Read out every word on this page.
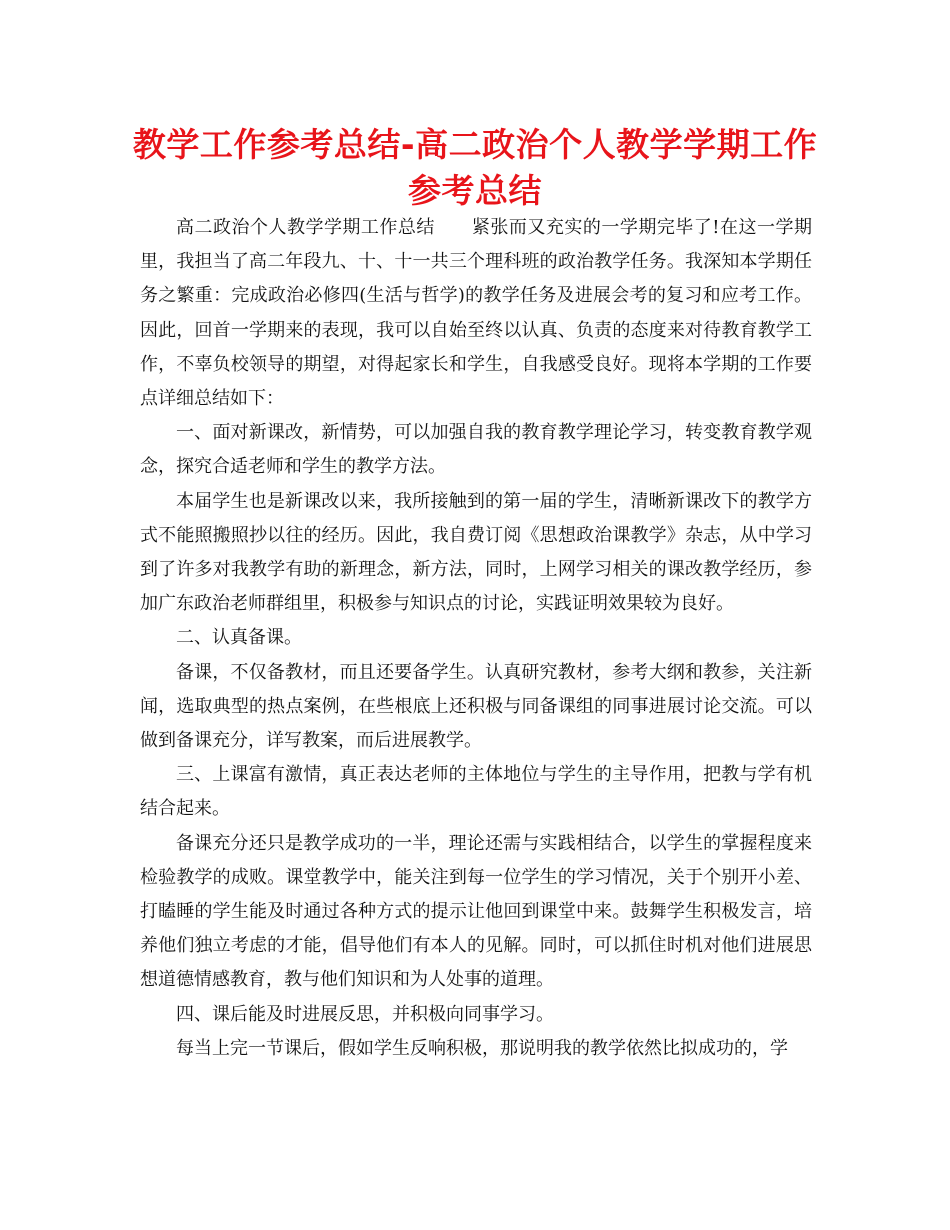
教学工作参考总结-高二政治个人教学学期工作参考总结

高二政治个人教学学期工作总结　　紧张而又充实的一学期完毕了!在这一学期里，我担当了高二年段九、十、十一共三个理科班的政治教学任务。我深知本学期任务之繁重：完成政治必修四(生活与哲学)的教学任务及进展会考的复习和应考工作。因此，回首一学期来的表现，我可以自始至终以认真、负责的态度来对待教育教学工作，不辜负校领导的期望，对得起家长和学生，自我感受良好。现将本学期的工作要点详细总结如下：

一、面对新课改，新情势，可以加强自我的教育教学理论学习，转变教育教学观念，探究合适老师和学生的教学方法。

本届学生也是新课改以来，我所接触到的第一届的学生，清晰新课改下的教学方式不能照搬照抄以往的经历。因此，我自费订阅《思想政治课教学》杂志，从中学习到了许多对我教学有助的新理念，新方法，同时，上网学习相关的课改教学经历，参加广东政治老师群组里，积极参与知识点的讨论，实践证明效果较为良好。

二、认真备课。

备课，不仅备教材，而且还要备学生。认真研究教材，参考大纲和教参，关注新闻，选取典型的热点案例，在些根底上还积极与同备课组的同事进展讨论交流。可以做到备课充分，详写教案，而后进展教学。

三、上课富有激情，真正表达老师的主体地位与学生的主导作用，把教与学有机结合起来。

备课充分还只是教学成功的一半，理论还需与实践相结合，以学生的掌握程度来检验教学的成败。课堂教学中，能关注到每一位学生的学习情况，关于个别开小差、打瞌睡的学生能及时通过各种方式的提示让他回到课堂中来。鼓舞学生积极发言，培养他们独立考虑的才能，倡导他们有本人的见解。同时，可以抓住时机对他们进展思想道德情感教育，教与他们知识和为人处事的道理。

四、课后能及时进展反思，并积极向同事学习。

每当上完一节课后，假如学生反响积极，那说明我的教学依然比拟成功的，学
